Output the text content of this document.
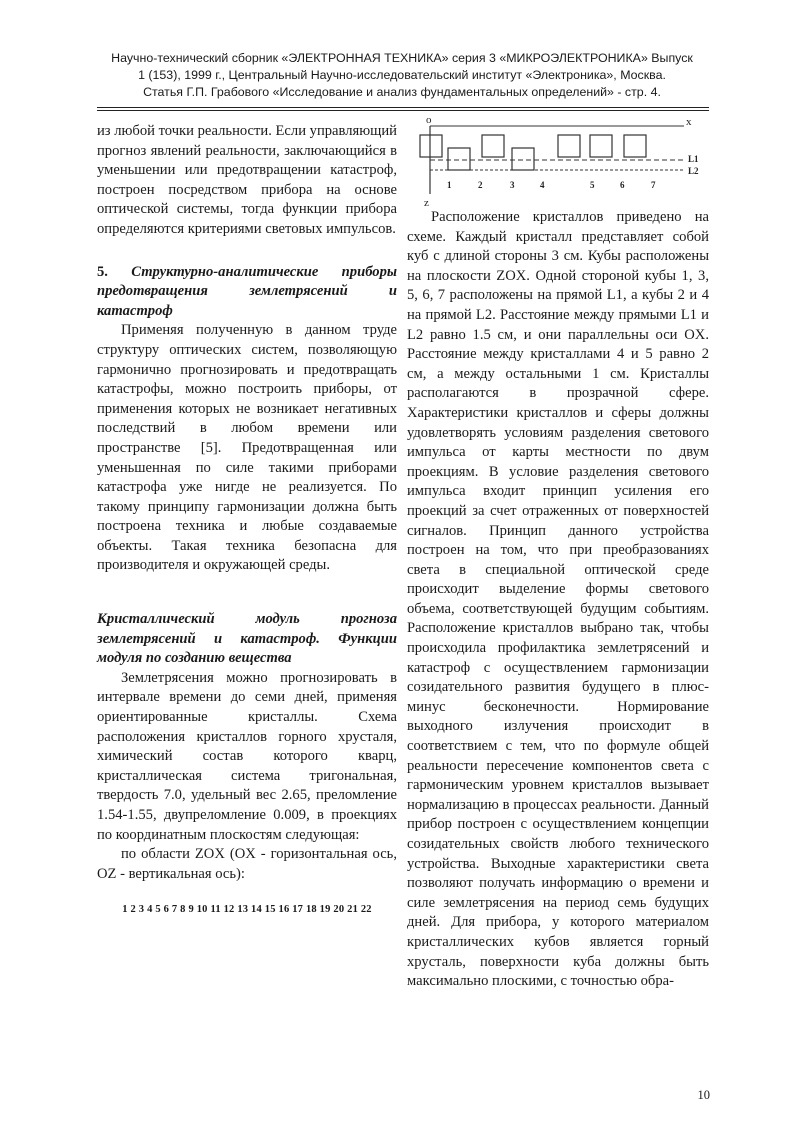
Научно-технический сборник «ЭЛЕКТРОННАЯ ТЕХНИКА» серия 3 «МИКРОЭЛЕКТРОНИКА» Выпуск
1 (153), 1999 г., Центральный Научно-исследовательский институт «Электроника», Москва.
Статья Г.П. Грабового «Исследование и анализ фундаментальных определений» - стр. 4.

из любой точки реальности. Если управляющий прогноз явлений реальности, заключающийся в уменьшении или предотвращении катастроф, построен посредством прибора на основе оптической системы, тогда функции прибора определяются критериями световых импульсов.

5. Структурно-аналитические приборы предотвращения землетрясений и катастроф

Применяя полученную в данном труде структуру оптических систем, позволяющую гармонично прогнозировать и предотвращать катастрофы, можно построить приборы, от применения которых не возникает негативных последствий в любом времени или пространстве [5]. Предотвращенная или уменьшенная по силе такими приборами катастрофа уже нигде не реализуется. По такому принципу гармонизации должна быть построена техника и любые создаваемые объекты. Такая техника безопасна для производителя и окружающей среды.

Кристаллический модуль прогноза землетрясений и катастроф. Функции модуля по созданию вещества

Землетрясения можно прогнозировать в интервале времени до семи дней, применяя ориентированные кристаллы. Схема расположения кристаллов горного хрусталя, химический состав которого кварц, кристаллическая система тригональная, твердость 7.0, удельный вес 2.65, преломление 1.54-1.55, двупреломление 0.009, в проекциях по координатным плоскостям следующая:

по области ZOX (OX - горизонтальная ось, OZ - вертикальная ось):

1 2 3 4 5 6 7 8 9 10 11 12 13 14 15 16 17 18 19 20 21 22
o	x
z
L1
L2
1	2	3	4	5	6	7

Расположение кристаллов приведено на схеме. Каждый кристалл представляет собой куб с длиной стороны 3 см. Кубы расположены на плоскости ZOX. Одной стороной кубы 1, 3, 5, 6, 7 расположены на прямой L1, а кубы 2 и 4 на прямой L2. Расстояние между прямыми L1 и L2 равно 1.5 см, и они параллельны оси OX. Расстояние между кристаллами 4 и 5 равно 2 см, а между остальными 1 см. Кристаллы располагаются в прозрачной сфере. Характеристики кристаллов и сферы должны удовлетворять условиям разделения светового импульса от карты местности по двум проекциям. В условие разделения светового импульса входит принцип усиления его проекций за счет отраженных от поверхностей сигналов. Принцип данного устройства построен на том, что при преобразованиях света в специальной оптической среде происходит выделение формы светового объема, соответствующей будущим событиям. Расположение кристаллов выбрано так, чтобы происходила профилактика землетрясений и катастроф с осуществлением гармонизации созидательного развития будущего в плюс-минус бесконечности. Нормирование выходного излучения происходит в соответствием с тем, что по формуле общей реальности пересечение компонентов света с гармоническим уровнем кристаллов вызывает нормализацию в процессах реальности. Данный прибор построен с осуществлением концепции созидательных свойств любого технического устройства. Выходные характеристики света позволяют получать информацию о времени и силе землетрясения на период семь будущих дней. Для прибора, у которого материалом кристаллических кубов является горный хрусталь, поверхности куба должны быть максимально плоскими, с точностью обра-

10
